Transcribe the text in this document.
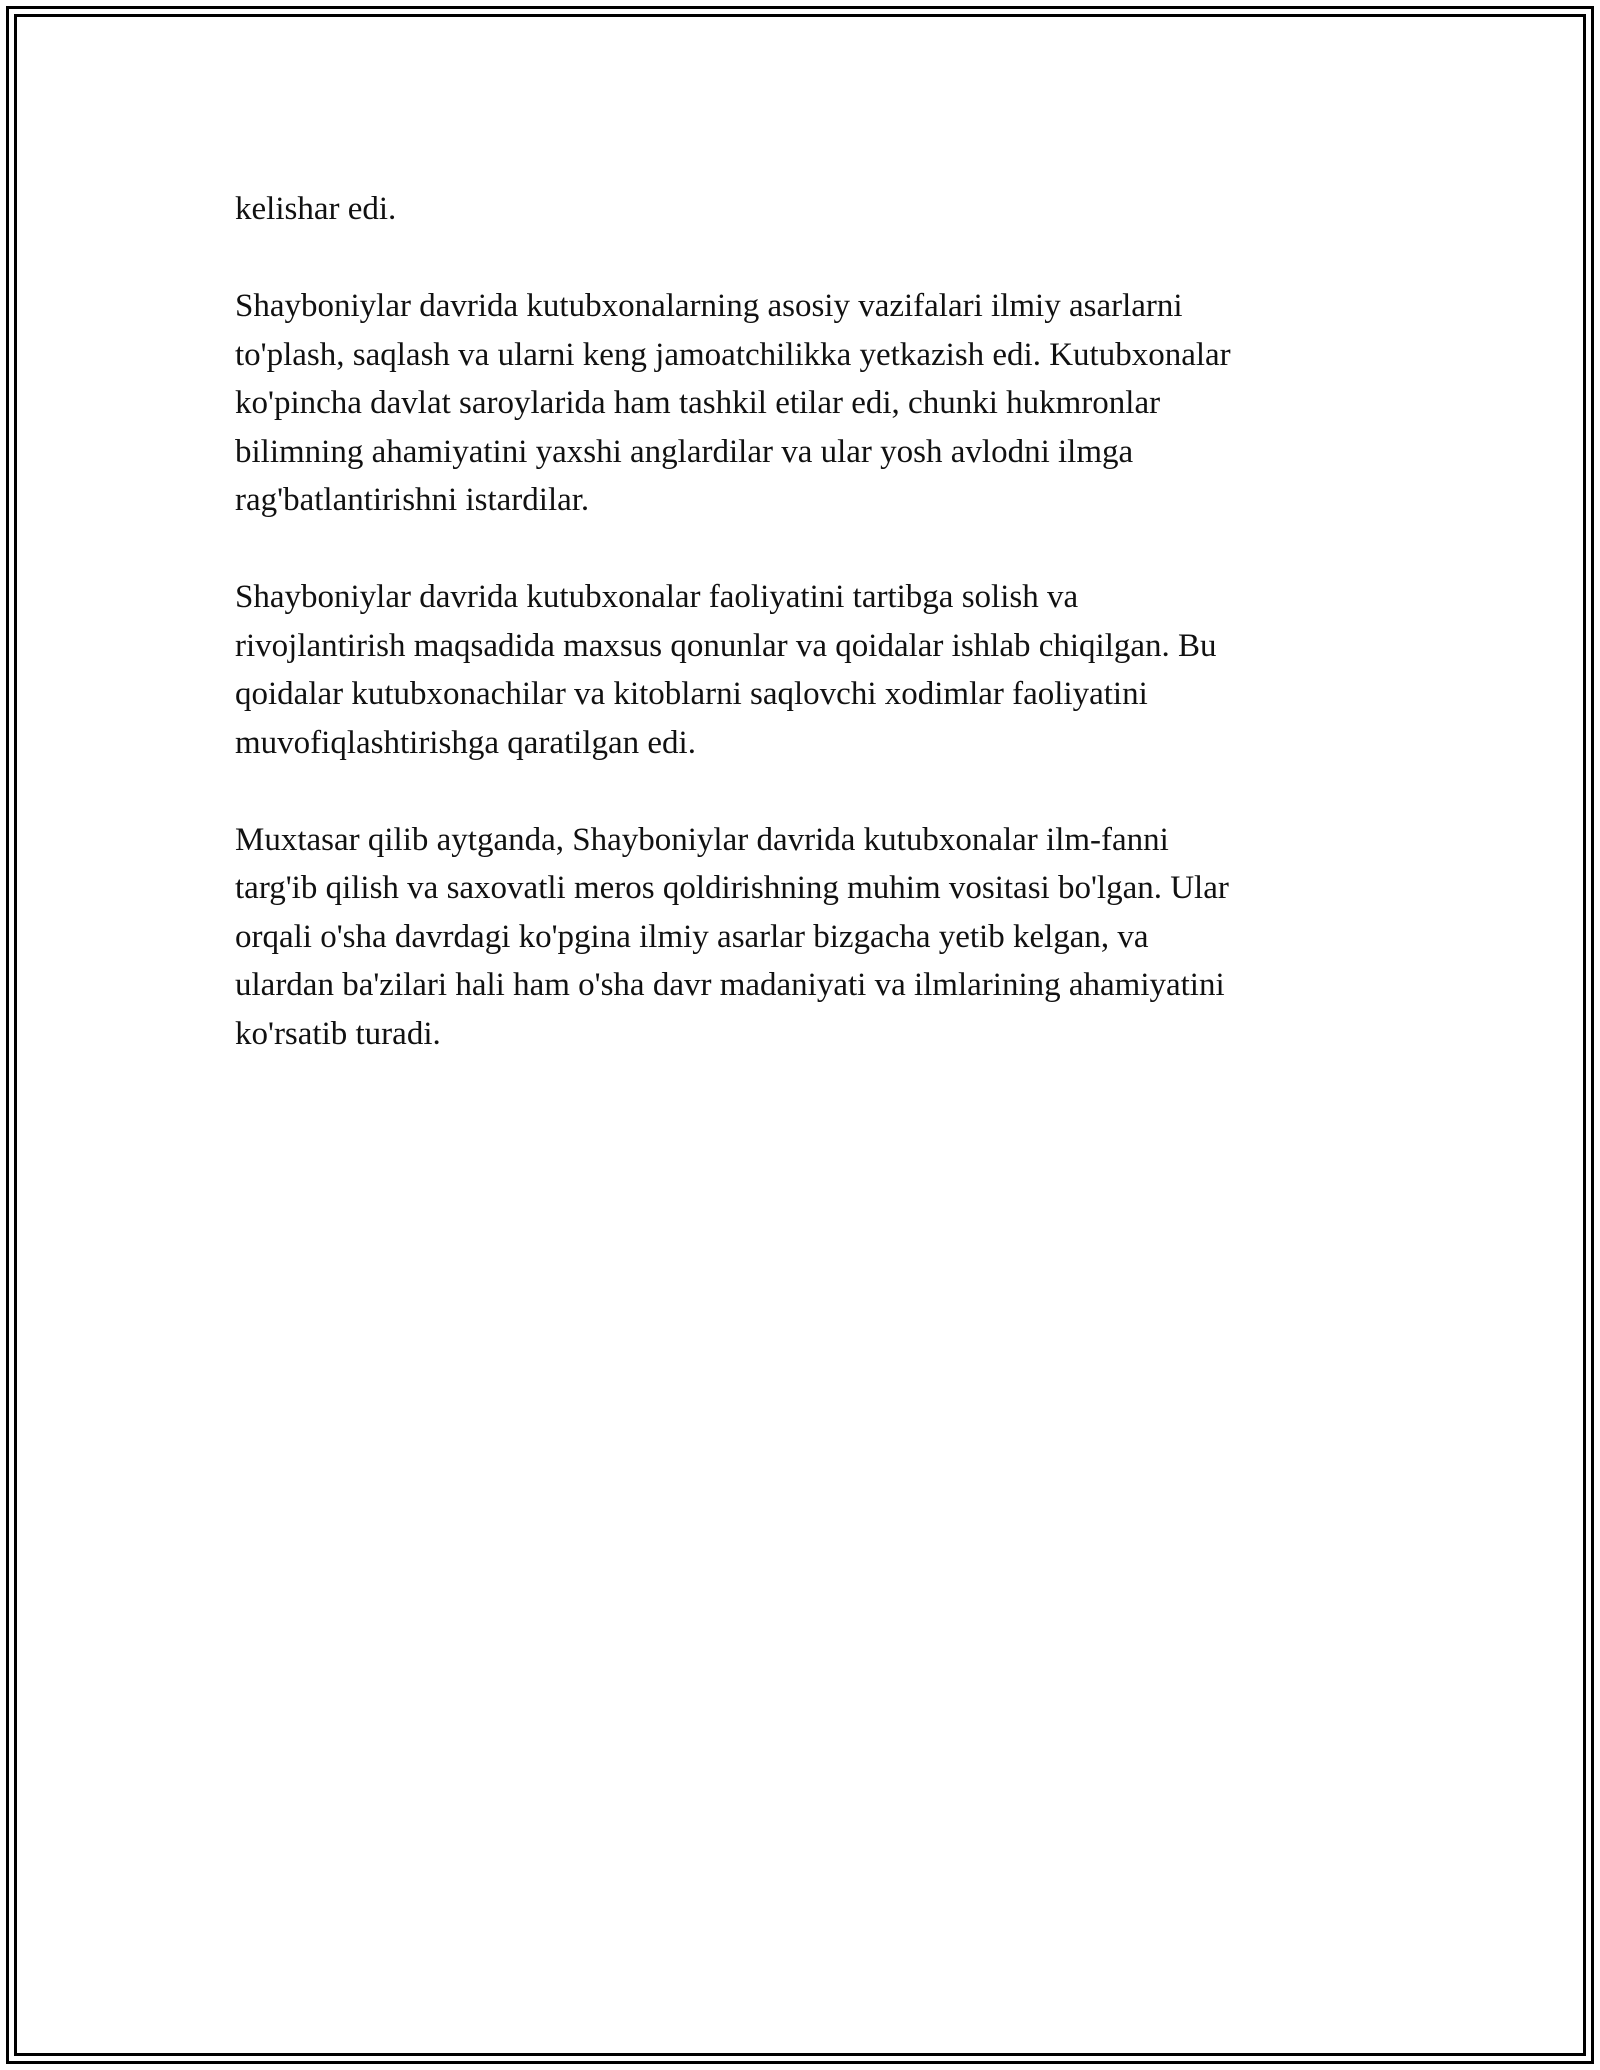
kelishar edi.

Shayboniylar davrida kutubxonalarning asosiy vazifalari ilmiy asarlarni
to'plash, saqlash va ularni keng jamoatchilikka yetkazish edi. Kutubxonalar
ko'pincha davlat saroylarida ham tashkil etilar edi, chunki hukmronlar
bilimning ahamiyatini yaxshi anglardilar va ular yosh avlodni ilmga
rag'batlantirishni istardilar.

Shayboniylar davrida kutubxonalar faoliyatini tartibga solish va
rivojlantirish maqsadida maxsus qonunlar va qoidalar ishlab chiqilgan. Bu
qoidalar kutubxonachilar va kitoblarni saqlovchi xodimlar faoliyatini
muvofiqlashtirishga qaratilgan edi.

Muxtasar qilib aytganda, Shayboniylar davrida kutubxonalar ilm-fanni
targ'ib qilish va saxovatli meros qoldirishning muhim vositasi bo'lgan. Ular
orqali o'sha davrdagi ko'pgina ilmiy asarlar bizgacha yetib kelgan, va
ulardan ba'zilari hali ham o'sha davr madaniyati va ilmlarining ahamiyatini
ko'rsatib turadi.
